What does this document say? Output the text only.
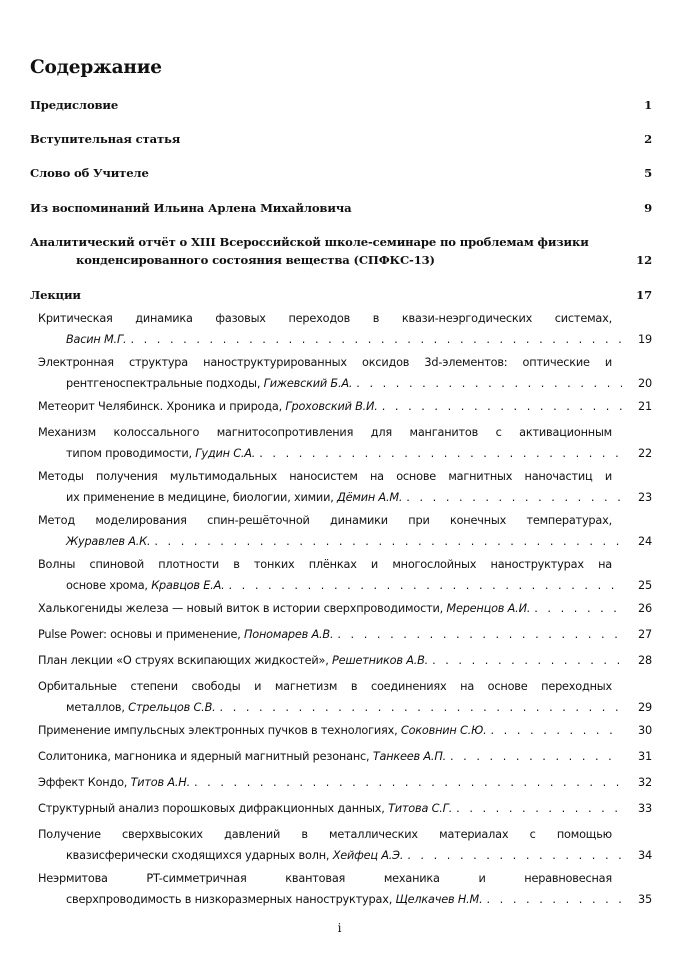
Содержание
Предисловие	1
Вступительная статья	2
Слово об Учителе	5
Из воспоминаний Ильина Арлена Михайловича	9
Аналитический отчёт о XIII Всероссийской школе-семинаре по проблемам физики
конденсированного состояния вещества (СПФКС-13)	12
Лекции	17
Критическая динамика фазовых переходов в квази-неэргодических системах,
Васин М.Г. . . .	19
Электронная структура наноструктурированных оксидов 3d-элементов: оптические и
рентгеноспектральные подходы, Гижевский Б.А. . . .	20
Метеорит Челябинск. Хроника и природа, Гроховский В.И. . . .	21
Механизм колоссального магнитосопротивления для манганитов с активационным
типом проводимости, Гудин С.А. . . .	22
Методы получения мультимодальных наносистем на основе магнитных наночастиц и
их применение в медицине, биологии, химии, Дёмин А.М. . . .	23
Метод моделирования спин-решёточной динамики при конечных температурах,
Журавлев А.К. . . .	24
Волны спиновой плотности в тонких плёнках и многослойных наноструктурах на
основе хрома, Кравцов Е.А. . . .	25
Халькогениды железа — новый виток в истории сверхпроводимости, Меренцов А.И. . . .	26
Pulse Power: основы и применение, Пономарев А.В. . . .	27
План лекции «О струях вскипающих жидкостей», Решетников А.В. . . .	28
Орбитальные степени свободы и магнетизм в соединениях на основе переходных
металлов, Стрельцов С.В. . . .	29
Применение импульсных электронных пучков в технологиях, Соковнин С.Ю. . . .	30
Солитоника, магноника и ядерный магнитный резонанс, Танкеев А.П. . . .	31
Эффект Кондо, Титов А.Н. . . .	32
Структурный анализ порошковых дифракционных данных, Титова С.Г. . . .	33
Получение сверхвысоких давлений в металлических материалах с помощью
квазисферически сходящихся ударных волн, Хейфец А.Э. . . .	34
Неэрмитова PT-симметричная квантовая механика и неравновесная
сверхпроводимость в низкоразмерных наноструктурах, Щелкачев Н.М. . . .	35
i
